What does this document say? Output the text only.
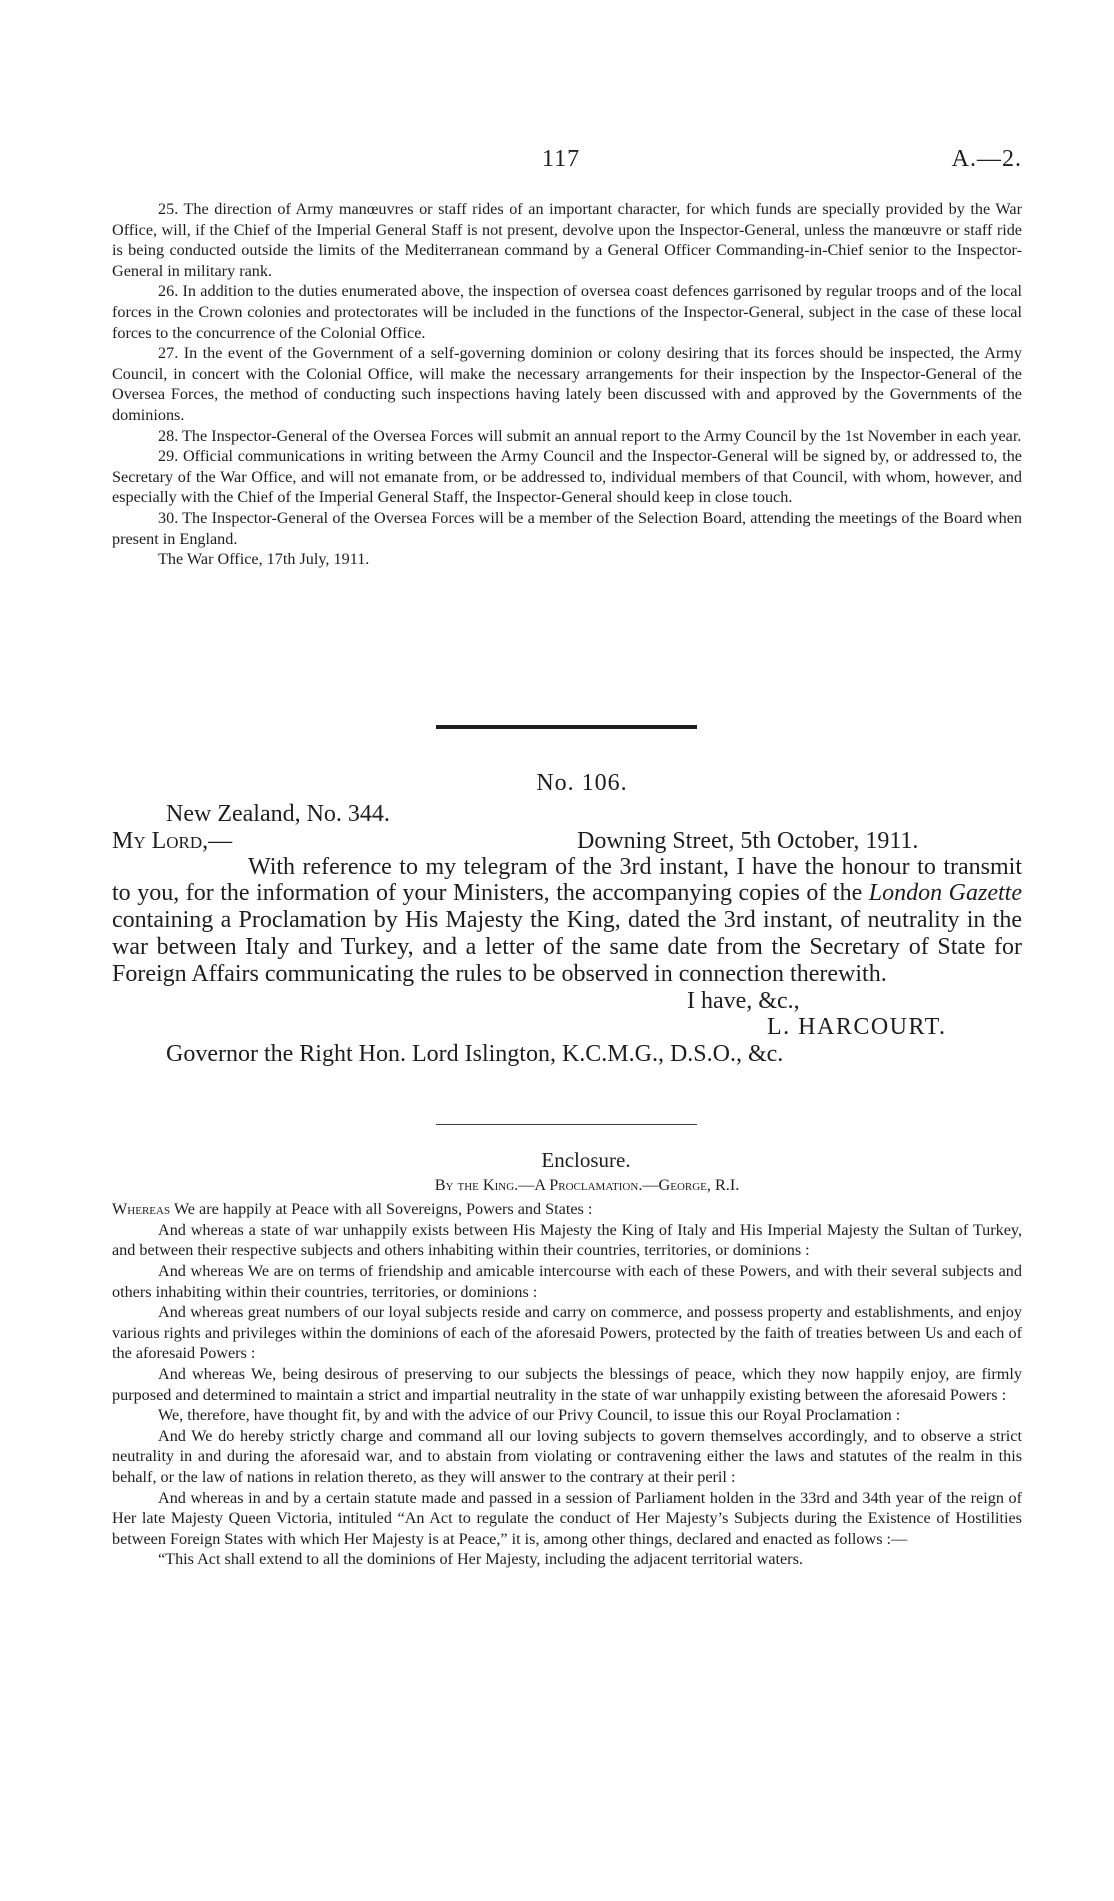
117	A.—2.

25. The direction of Army manœuvres or staff rides of an important character, for which funds are specially provided by the War Office, will, if the Chief of the Imperial General Staff is not present, devolve upon the Inspector-General, unless the manœuvre or staff ride is being conducted outside the limits of the Mediterranean command by a General Officer Commanding-in-Chief senior to the Inspector-General in military rank.

26. In addition to the duties enumerated above, the inspection of oversea coast defences garrisoned by regular troops and of the local forces in the Crown colonies and protectorates will be included in the functions of the Inspector-General, subject in the case of these local forces to the concurrence of the Colonial Office.

27. In the event of the Government of a self-governing dominion or colony desiring that its forces should be inspected, the Army Council, in concert with the Colonial Office, will make the necessary arrangements for their inspection by the Inspector-General of the Oversea Forces, the method of conducting such inspections having lately been discussed with and approved by the Governments of the dominions.

28. The Inspector-General of the Oversea Forces will submit an annual report to the Army Council by the 1st November in each year.

29. Official communications in writing between the Army Council and the Inspector-General will be signed by, or addressed to, the Secretary of the War Office, and will not emanate from, or be addressed to, individual members of that Council, with whom, however, and especially with the Chief of the Imperial General Staff, the Inspector-General should keep in close touch.

30. The Inspector-General of the Oversea Forces will be a member of the Selection Board, attending the meetings of the Board when present in England.

The War Office, 17th July, 1911.

No. 106.

New Zealand, No. 344.

My Lord,—	Downing Street, 5th October, 1911.

With reference to my telegram of the 3rd instant, I have the honour to transmit to you, for the information of your Ministers, the accompanying copies of the London Gazette containing a Proclamation by His Majesty the King, dated the 3rd instant, of neutrality in the war between Italy and Turkey, and a letter of the same date from the Secretary of State for Foreign Affairs communicating the rules to be observed in connection therewith.

I have, &c.,

L. HARCOURT.

Governor the Right Hon. Lord Islington, K.C.M.G., D.S.O., &c.

Enclosure.

By the King.—A Proclamation.—George, R.I.

Whereas We are happily at Peace with all Sovereigns, Powers and States :

And whereas a state of war unhappily exists between His Majesty the King of Italy and His Imperial Majesty the Sultan of Turkey, and between their respective subjects and others inhabiting within their countries, territories, or dominions :

And whereas We are on terms of friendship and amicable intercourse with each of these Powers, and with their several subjects and others inhabiting within their countries, territories, or dominions :

And whereas great numbers of our loyal subjects reside and carry on commerce, and possess property and establishments, and enjoy various rights and privileges within the dominions of each of the aforesaid Powers, protected by the faith of treaties between Us and each of the aforesaid Powers :

And whereas We, being desirous of preserving to our subjects the blessings of peace, which they now happily enjoy, are firmly purposed and determined to maintain a strict and impartial neutrality in the state of war unhappily existing between the aforesaid Powers :

We, therefore, have thought fit, by and with the advice of our Privy Council, to issue this our Royal Proclamation :

And We do hereby strictly charge and command all our loving subjects to govern themselves accordingly, and to observe a strict neutrality in and during the aforesaid war, and to abstain from violating or contravening either the laws and statutes of the realm in this behalf, or the law of nations in relation thereto, as they will answer to the contrary at their peril :

And whereas in and by a certain statute made and passed in a session of Parliament holden in the 33rd and 34th year of the reign of Her late Majesty Queen Victoria, intituled “An Act to regulate the conduct of Her Majesty’s Subjects during the Existence of Hostilities between Foreign States with which Her Majesty is at Peace,” it is, among other things, declared and enacted as follows :—

“This Act shall extend to all the dominions of Her Majesty, including the adjacent territorial waters.
